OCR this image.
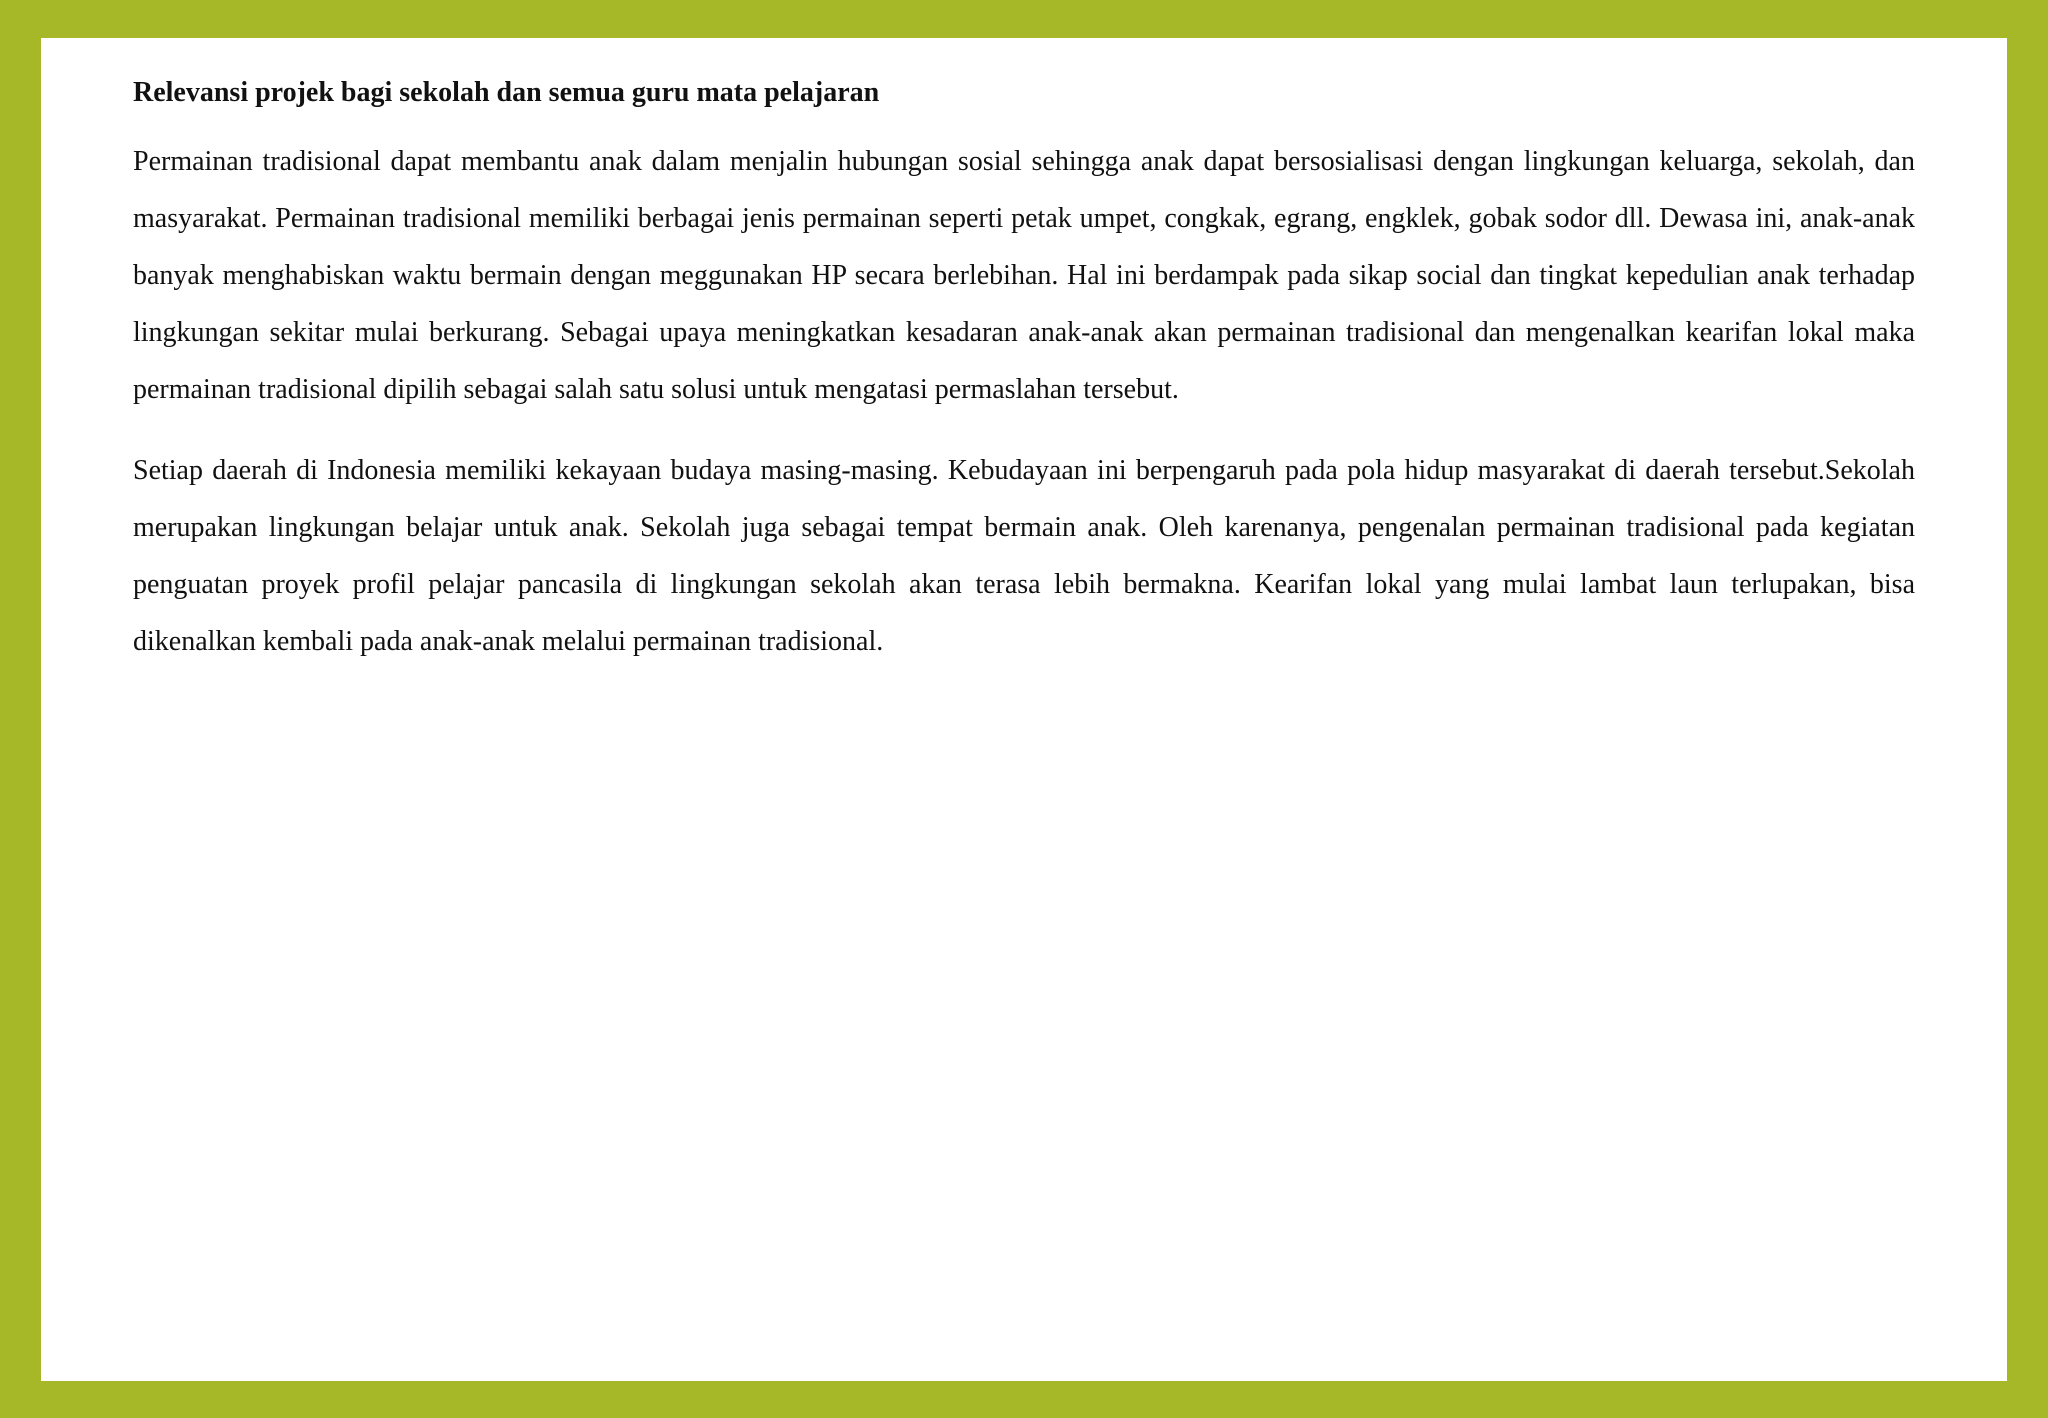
Relevansi projek bagi sekolah dan semua guru mata pelajaran

Permainan tradisional dapat membantu anak dalam menjalin hubungan sosial sehingga anak dapat bersosialisasi dengan lingkungan keluarga, sekolah, dan masyarakat. Permainan tradisional memiliki berbagai jenis permainan seperti petak umpet, congkak, egrang, engklek, gobak sodor dll. Dewasa ini, anak-anak banyak menghabiskan waktu bermain dengan meggunakan HP secara berlebihan. Hal ini berdampak pada sikap social dan tingkat kepedulian anak terhadap lingkungan sekitar mulai berkurang. Sebagai upaya meningkatkan kesadaran anak-anak akan permainan tradisional dan mengenalkan kearifan lokal maka permainan tradisional dipilih sebagai salah satu solusi untuk mengatasi permaslahan tersebut.

Setiap daerah di Indonesia memiliki kekayaan budaya masing-masing. Kebudayaan ini berpengaruh pada pola hidup masyarakat di daerah tersebut.Sekolah merupakan lingkungan belajar untuk anak. Sekolah juga sebagai tempat bermain anak. Oleh karenanya, pengenalan permainan tradisional pada kegiatan penguatan proyek profil pelajar pancasila di lingkungan sekolah akan terasa lebih bermakna. Kearifan lokal yang mulai lambat laun terlupakan, bisa dikenalkan kembali pada anak-anak melalui permainan tradisional.
